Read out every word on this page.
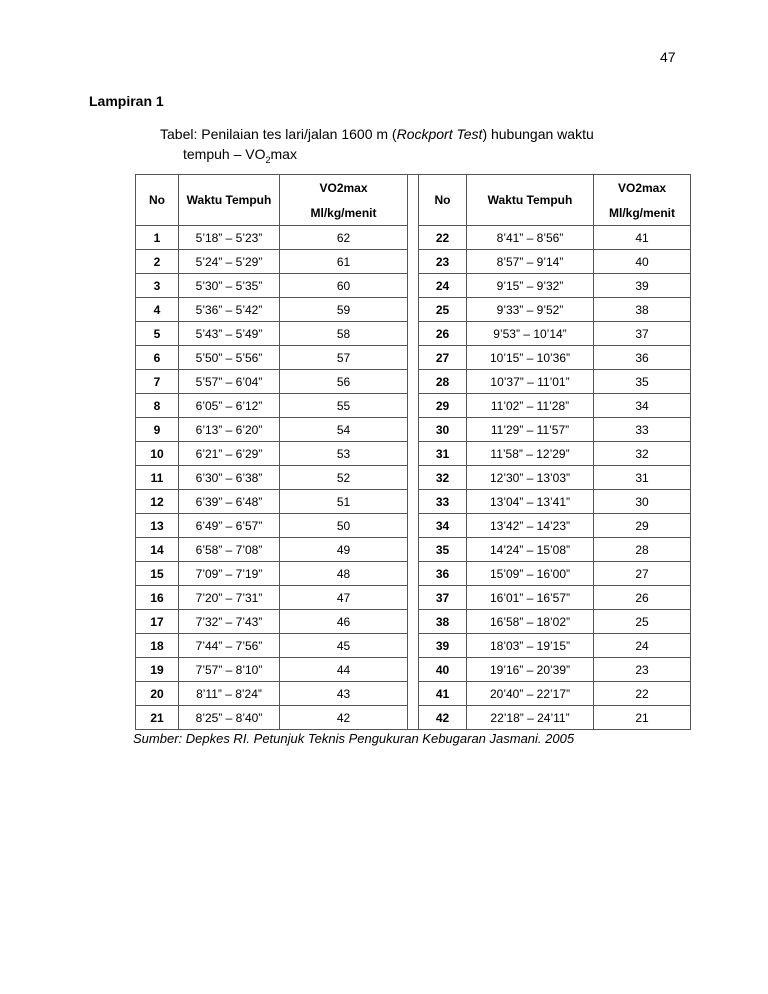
47
Lampiran 1
Tabel: Penilaian tes lari/jalan 1600 m (Rockport Test) hubungan waktu
tempuh – $VO_2\max$
No	Waktu Tempuh	VO2max		No	Waktu Tempuh	VO2max
		Ml/kg/menit				Ml/kg/menit
1	5’18” – 5’23”	62		22	8’41” – 8’56”	41
2	5’24” – 5’29”	61		23	8’57” – 9’14”	40
3	5’30” – 5’35”	60		24	9’15” – 9’32”	39
4	5’36” – 5’42”	59		25	9’33” – 9’52”	38
5	5’43” – 5’49”	58		26	9’53” – 10’14”	37
6	5’50” – 5’56”	57		27	10’15” – 10’36”	36
7	5’57” – 6’04”	56		28	10’37” – 11’01”	35
8	6’05” – 6’12”	55		29	11’02” – 11’28”	34
9	6’13” – 6’20”	54		30	11’29” – 11’57”	33
10	6’21” – 6’29”	53		31	11’58” – 12’29”	32
11	6’30” – 6’38”	52		32	12’30” – 13’03”	31
12	6’39” – 6’48”	51		33	13’04” – 13’41”	30
13	6’49” – 6’57”	50		34	13’42” – 14’23”	29
14	6’58” – 7’08”	49		35	14’24” – 15’08”	28
15	7’09” – 7’19”	48		36	15’09” – 16’00”	27
16	7’20” – 7’31”	47		37	16’01” – 16’57”	26
17	7’32” – 7’43”	46		38	16’58” – 18’02”	25
18	7’44” – 7’56”	45		39	18’03” – 19’15”	24
19	7’57” – 8’10”	44		40	19’16” – 20’39”	23
20	8’11” – 8’24”	43		41	20’40” – 22’17”	22
21	8’25” – 8’40”	42		42	22’18” – 24’11”	21
Sumber: Depkes RI. Petunjuk Teknis Pengukuran Kebugaran Jasmani. 2005
